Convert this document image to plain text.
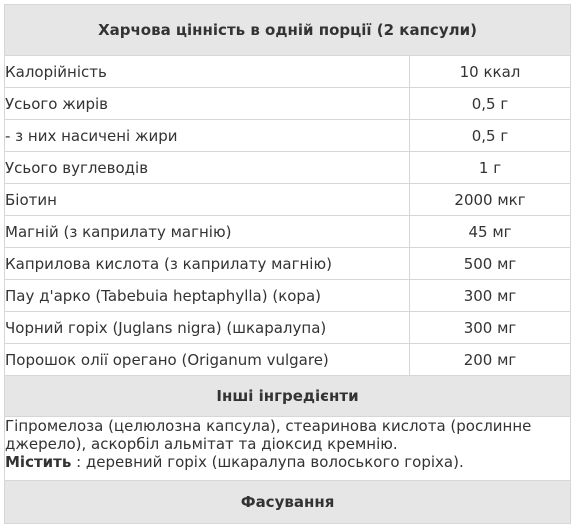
Харчова цінність в одній порції (2 капсули)	
Калорійність	10 ккал
Усього жирів	0,5 г
- з них насичені жири	0,5 г
Усього вуглеводів	1 г
Біотин	2000 мкг
Магній (з каприлату магнію)	45 мг
Каприлова кислота (з каприлату магнію)	500 мг
Пау д'арко (Tabebuia heptaphylla) (кора)	300 мг
Чорний горіх (Juglans nigra) (шкаралупа)	300 мг
Порошок олії орегано (Origanum vulgare)	200 мг
Інші інгредієнти	

Гіпромелоза (целюлозна капсула), стеаринова кислота (рослинне джерело), аскорбіл альмітат та діоксид кремнію.

Містить : деревний горіх (шкаралупа волоського горіха).	

Фасування	
